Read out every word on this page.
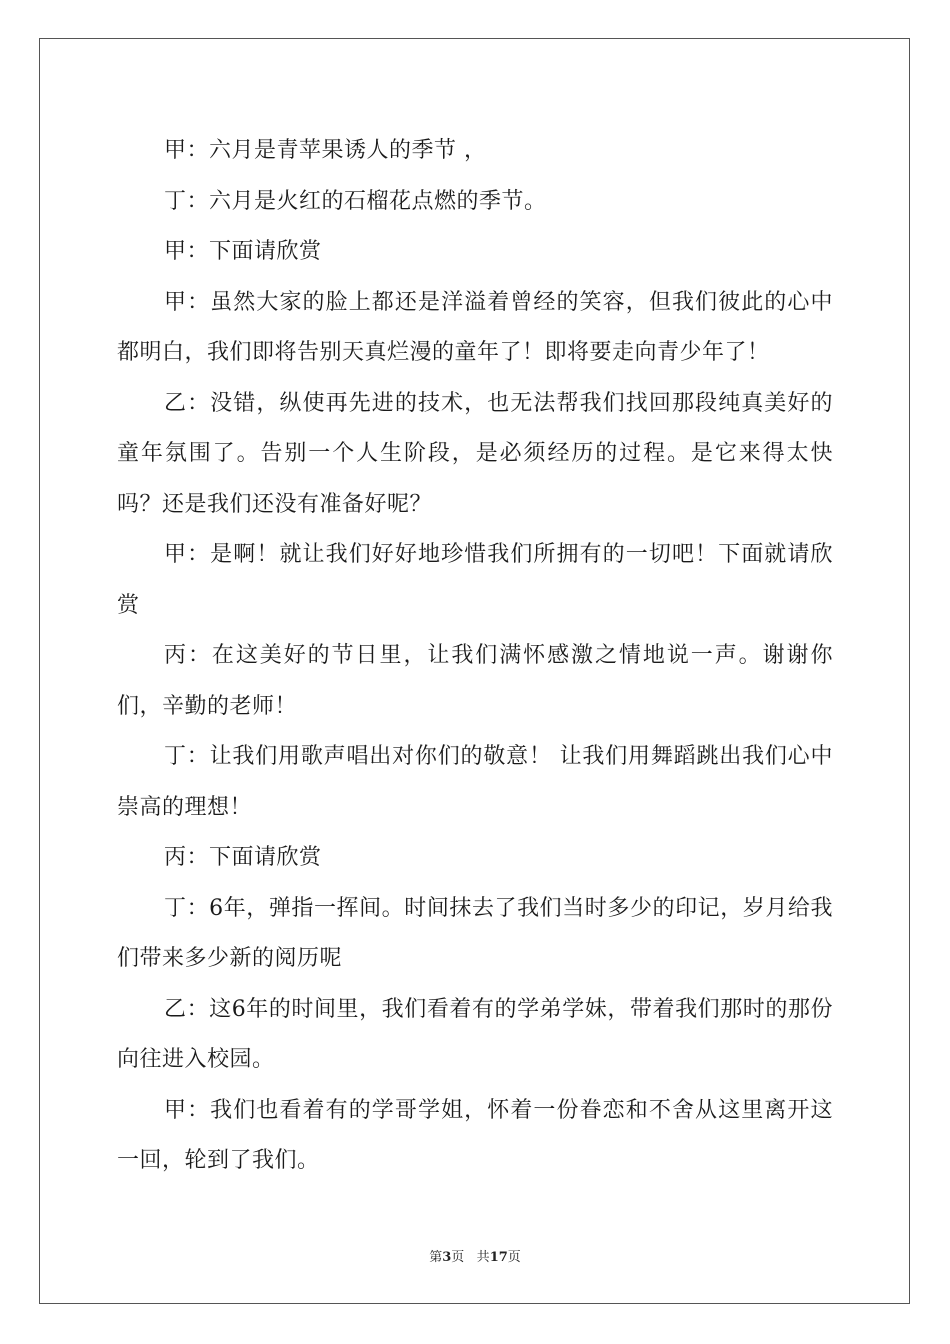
甲：六月是青苹果诱人的季节 ，

丁：六月是火红的石榴花点燃的季节。

甲：下面请欣赏

甲：虽然大家的脸上都还是洋溢着曾经的笑容，但我们彼此的心中都明白，我们即将告别天真烂漫的童年了！即将要走向青少年了！

乙：没错，纵使再先进的技术，也无法帮我们找回那段纯真美好的童年氛围了。告别一个人生阶段，是必须经历的过程。是它来得太快吗？还是我们还没有准备好呢？

甲：是啊！就让我们好好地珍惜我们所拥有的一切吧！下面就请欣赏

丙：在这美好的节日里，让我们满怀感激之情地说一声。谢谢你们，辛勤的老师！

丁：让我们用歌声唱出对你们的敬意！ 让我们用舞蹈跳出我们心中崇高的理想！

丙：下面请欣赏

丁：6年，弹指一挥间。时间抹去了我们当时多少的印记，岁月给我们带来多少新的阅历呢

乙：这6年的时间里，我们看着有的学弟学妹，带着我们那时的那份向往进入校园。

甲：我们也看着有的学哥学姐，怀着一份眷恋和不舍从这里离开这一回，轮到了我们。

第3页 共17页
